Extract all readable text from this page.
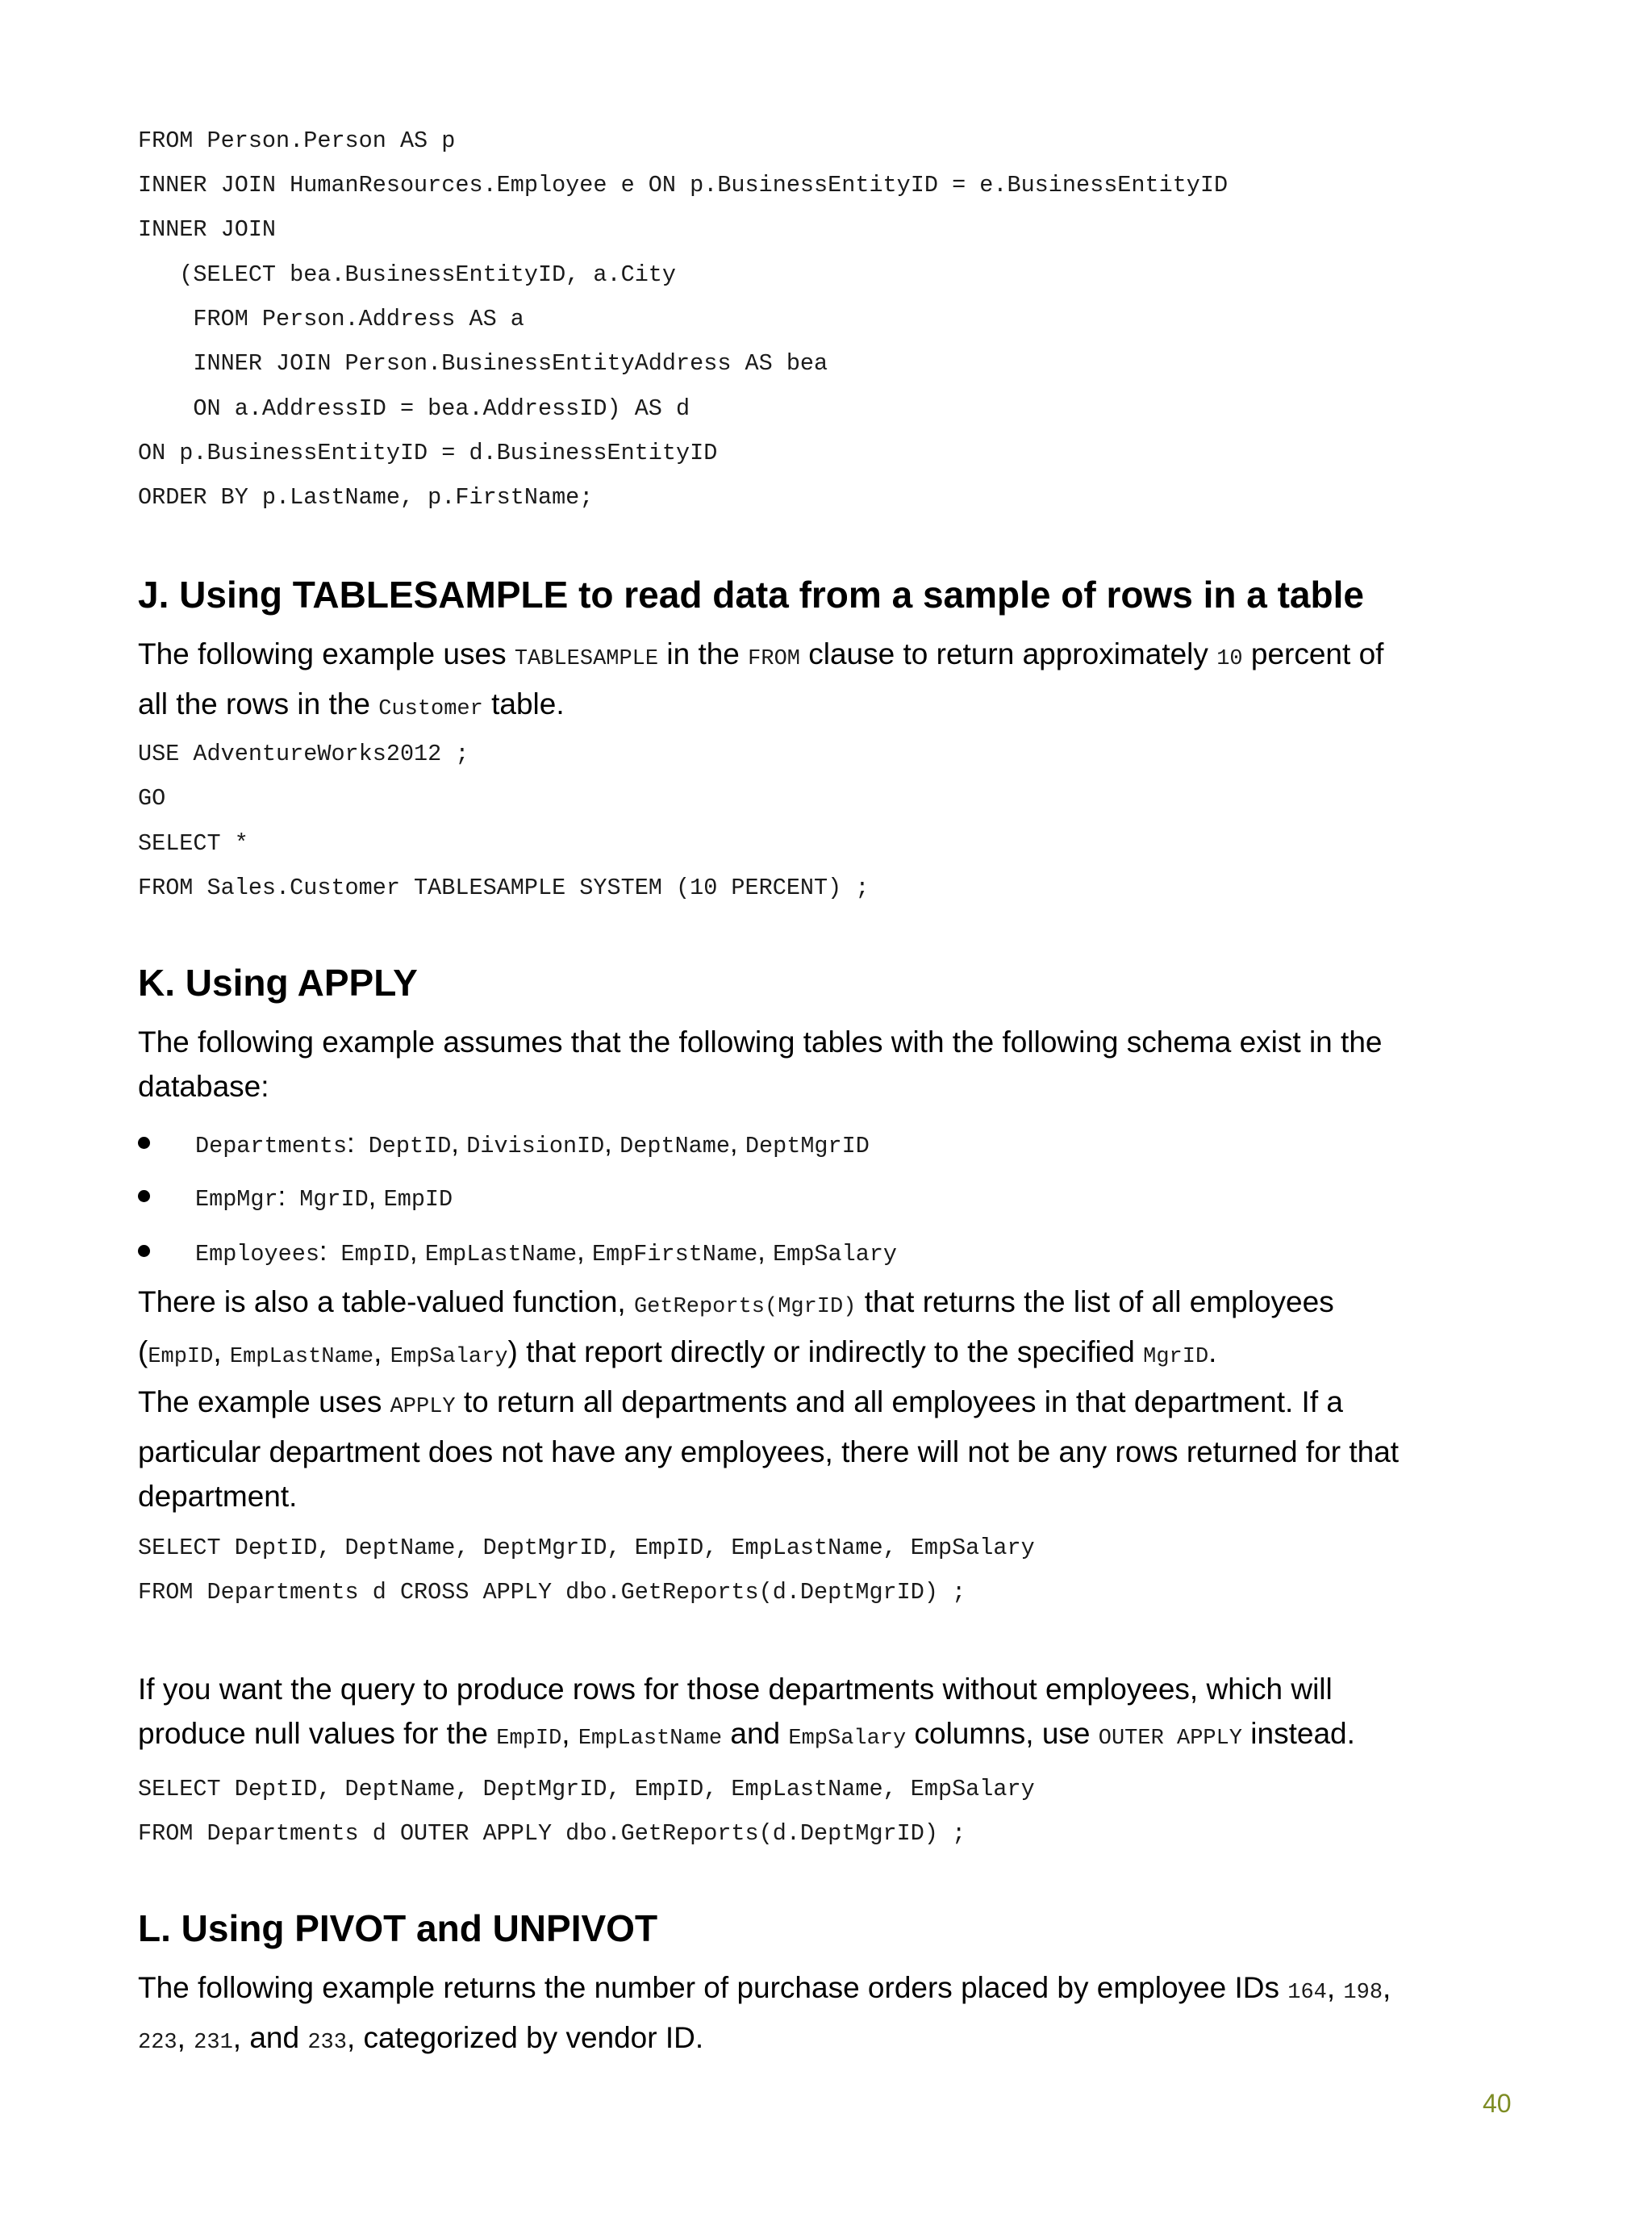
FROM Person.Person AS p
INNER JOIN HumanResources.Employee e ON p.BusinessEntityID = e.BusinessEntityID
INNER JOIN
(SELECT bea.BusinessEntityID, a.City
FROM Person.Address AS a
INNER JOIN Person.BusinessEntityAddress AS bea
ON a.AddressID = bea.AddressID) AS d
ON p.BusinessEntityID = d.BusinessEntityID
ORDER BY p.LastName, p.FirstName;
J. Using TABLESAMPLE to read data from a sample of rows in a table
The following example uses TABLESAMPLE in the FROM clause to return approximately 10 percent of
all the rows in the Customer table.
USE AdventureWorks2012 ;
GO
SELECT *
FROM Sales.Customer TABLESAMPLE SYSTEM (10 PERCENT) ;
K. Using APPLY
The following example assumes that the following tables with the following schema exist in the
database:
Departments: DeptID, DivisionID, DeptName, DeptMgrID
EmpMgr: MgrID, EmpID
Employees: EmpID, EmpLastName, EmpFirstName, EmpSalary
There is also a table-valued function, GetReports(MgrID) that returns the list of all employees
(EmpID, EmpLastName, EmpSalary) that report directly or indirectly to the specified MgrID.
The example uses APPLY to return all departments and all employees in that department. If a
particular department does not have any employees, there will not be any rows returned for that
department.
SELECT DeptID, DeptName, DeptMgrID, EmpID, EmpLastName, EmpSalary
FROM Departments d CROSS APPLY dbo.GetReports(d.DeptMgrID) ;
If you want the query to produce rows for those departments without employees, which will
produce null values for the EmpID, EmpLastName and EmpSalary columns, use OUTER APPLY instead.
SELECT DeptID, DeptName, DeptMgrID, EmpID, EmpLastName, EmpSalary
FROM Departments d OUTER APPLY dbo.GetReports(d.DeptMgrID) ;
L. Using PIVOT and UNPIVOT
The following example returns the number of purchase orders placed by employee IDs 164, 198,
223, 231, and 233, categorized by vendor ID.
40
